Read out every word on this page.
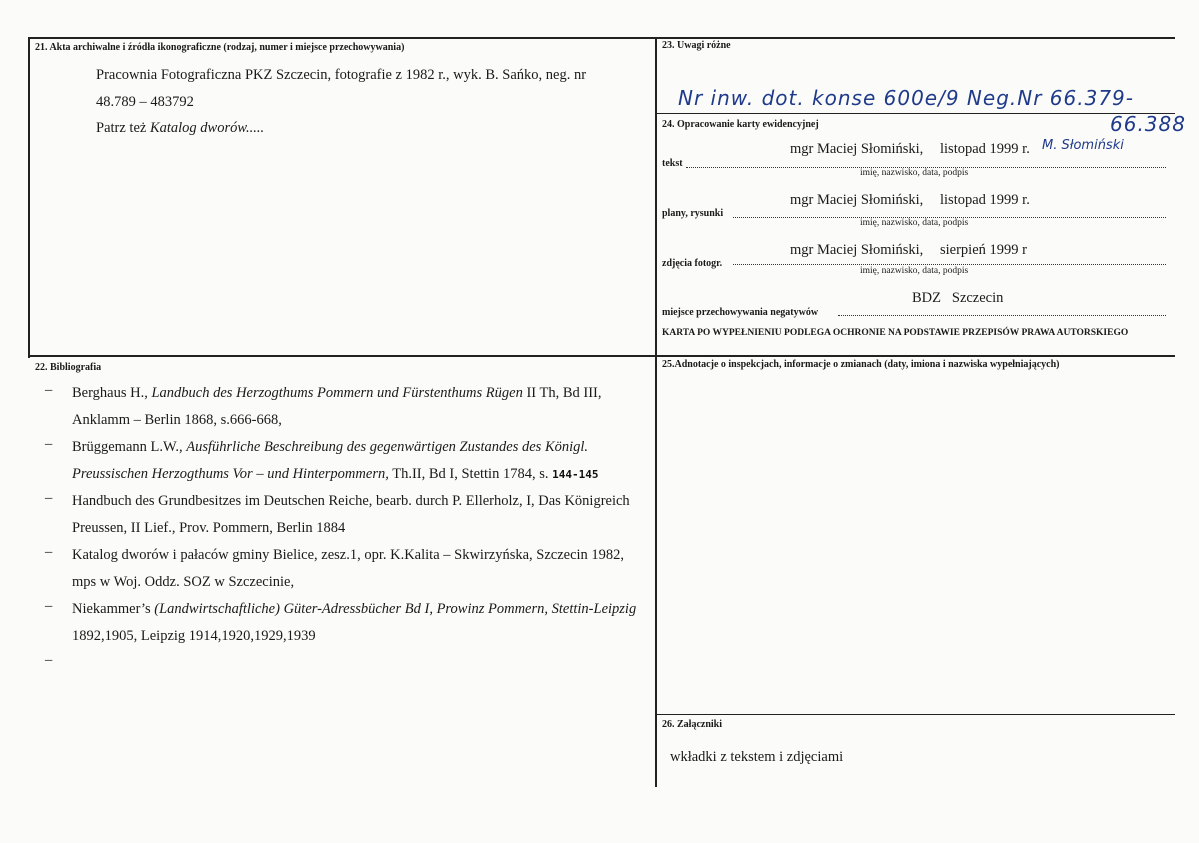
21. Akta archiwalne i źródła ikonograficzne (rodzaj, numer i miejsce przechowywania)
Pracownia Fotograficzna PKZ Szczecin, fotografie z 1982 r., wyk. B. Sańko, neg. nr
48.789 – 483792
Patrz też Katalog dworów.....
23. Uwagi różne
Nr inw. dot. konse 600e/9 Neg.Nr 66.379-
66.388
24. Opracowanie karty ewidencyjnej
mgr Maciej Słomiński, listopad 1999 r. M. Słomiński
tekst
imię, nazwisko, data, podpis
mgr Maciej Słomiński, listopad 1999 r.
plany, rysunki
imię, nazwisko, data, podpis
mgr Maciej Słomiński, sierpień 1999 r
zdjęcia fotogr.
imię, nazwisko, data, podpis
BDZ   Szczecin
miejsce przechowywania negatywów
KARTA PO WYPEŁNIENIU PODLEGA OCHRONIE NA PODSTAWIE PRZEPISÓW PRAWA AUTORSKIEGO
22. Bibliografia
– Berghaus H., Landbuch des Herzogthums Pommern und Fürstenthums Rügen II Th, Bd III, Anklamm – Berlin 1868, s.666-668,
– Brüggemann L.W., Ausführliche Beschreibung des gegenwärtigen Zustandes des Königl. Preussischen Herzogthums Vor – und Hinterpommern, Th.II, Bd I, Stettin 1784, s. 144-145
– Handbuch des Grundbesitzes im Deutschen Reiche, bearb. durch P. Ellerholz, I, Das Königreich Preussen, II Lief., Prov. Pommern, Berlin 1884
– Katalog dworów i pałaców gminy Bielice, zesz.1, opr. K.Kalita – Skwirzyńska, Szczecin 1982, mps w Woj. Oddz. SOZ w Szczecinie,
– Niekammer’s (Landwirtschaftliche) Güter-Adressbücher Bd I, Prowinz Pommern, Stettin-Leipzig 1892,1905, Leipzig 1914,1920,1929,1939
–
25.Adnotacje o inspekcjach, informacje o zmianach (daty, imiona i nazwiska wypełniających)
26. Załączniki
wkładki z tekstem i zdjęciami
